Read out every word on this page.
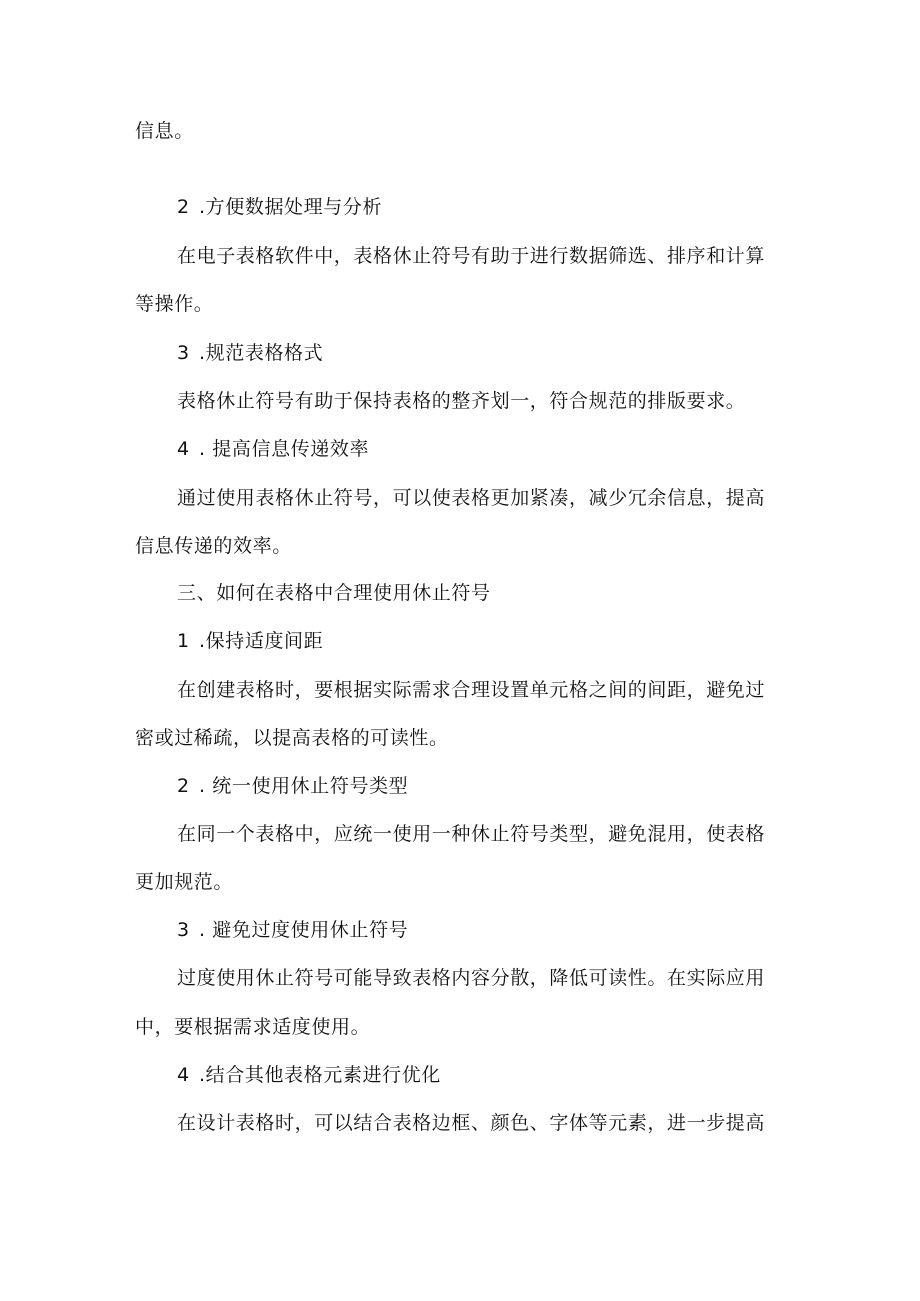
信息。
2 .方便数据处理与分析
在电子表格软件中，表格休止符号有助于进行数据筛选、排序和计算
等操作。
3 .规范表格格式
表格休止符号有助于保持表格的整齐划一，符合规范的排版要求。
4 . 提高信息传递效率
通过使用表格休止符号，可以使表格更加紧凑，减少冗余信息，提高
信息传递的效率。
三、如何在表格中合理使用休止符号
1 .保持适度间距
在创建表格时，要根据实际需求合理设置单元格之间的间距，避免过
密或过稀疏，以提高表格的可读性。
2 . 统一使用休止符号类型
在同一个表格中，应统一使用一种休止符号类型，避免混用，使表格
更加规范。
3 . 避免过度使用休止符号
过度使用休止符号可能导致表格内容分散，降低可读性。在实际应用
中，要根据需求适度使用。
4 .结合其他表格元素进行优化
在设计表格时，可以结合表格边框、颜色、字体等元素，进一步提高
